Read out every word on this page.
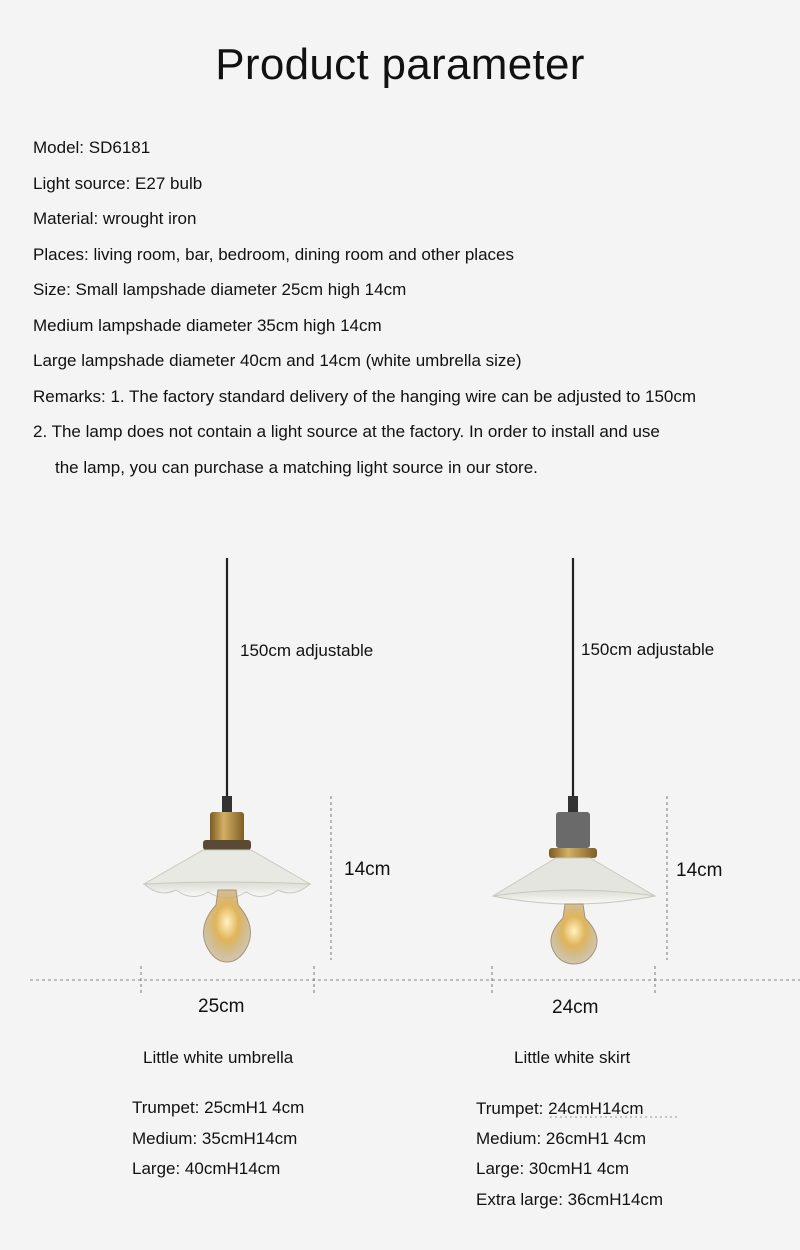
Product parameter
Model: SD6181
Light source: E27 bulb
Material: wrought iron
Places: living room, bar, bedroom, dining room and other places
Size: Small lampshade diameter 25cm high 14cm
Medium lampshade diameter 35cm high 14cm
Large lampshade diameter 40cm and 14cm (white umbrella size)
Remarks: 1. The factory standard delivery of the hanging wire can be adjusted to 150cm
2. The lamp does not contain a light source at the factory. In order to install and use
the lamp, you can purchase a matching light source in our store.
150cm adjustable
14cm
25cm
Little white umbrella
Trumpet: 25cmH1 4cm
Medium: 35cmH14cm
Large: 40cmH14cm
150cm adjustable
14cm
24cm
Little white skirt
Trumpet: 24cmH14cm
Medium: 26cmH1 4cm
Large: 30cmH1 4cm
Extra large: 36cmH14cm
